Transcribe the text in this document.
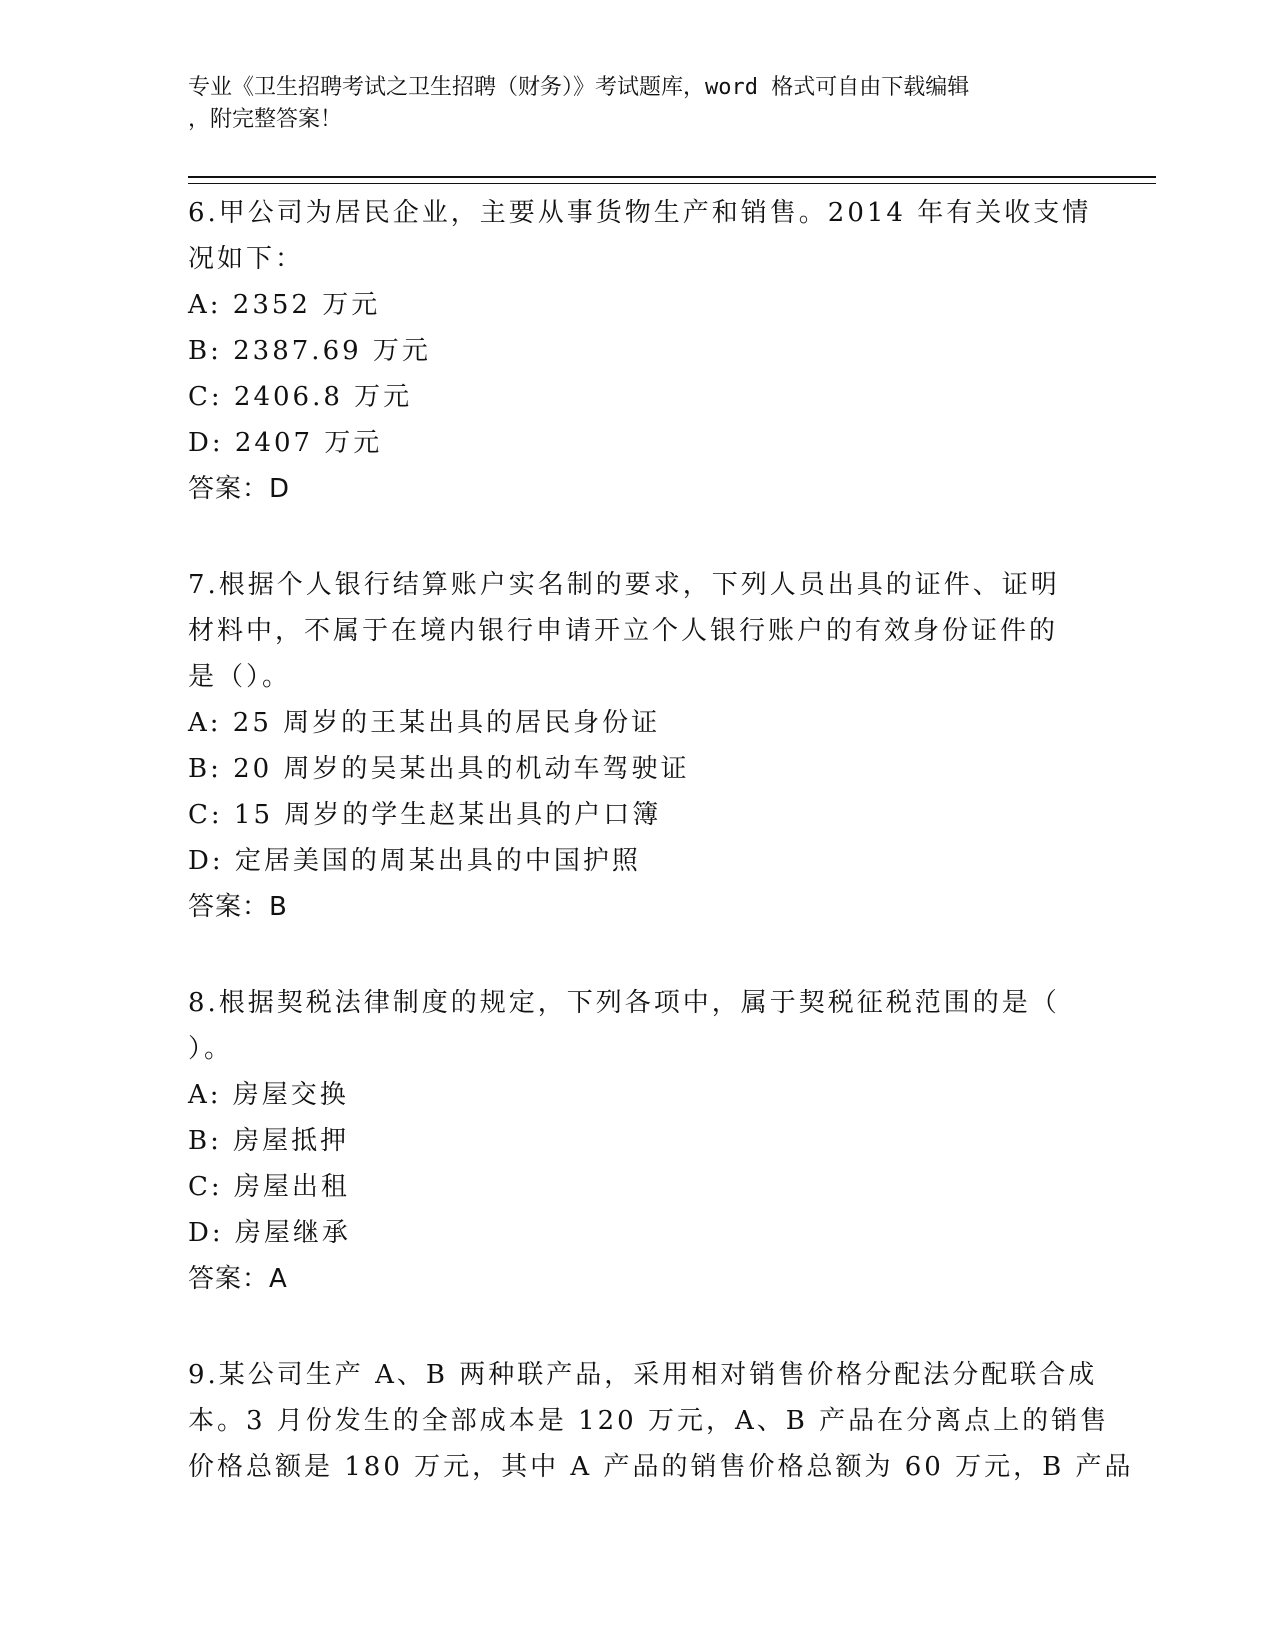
专业《卫生招聘考试之卫生招聘（财务）》考试题库，word 格式可自由下载编辑
，附完整答案！
6.甲公司为居民企业，主要从事货物生产和销售。2014 年有关收支情
况如下：
A: 2352 万元
B: 2387.69 万元
C: 2406.8 万元
D: 2407 万元
答案：D
7.根据个人银行结算账户实名制的要求，下列人员出具的证件、证明
材料中，不属于在境内银行申请开立个人银行账户的有效身份证件的
是（）。
A: 25 周岁的王某出具的居民身份证
B: 20 周岁的吴某出具的机动车驾驶证
C: 15 周岁的学生赵某出具的户口簿
D: 定居美国的周某出具的中国护照
答案：B
8.根据契税法律制度的规定，下列各项中，属于契税征税范围的是（
）。
A: 房屋交换
B: 房屋抵押
C: 房屋出租
D: 房屋继承
答案：A
9.某公司生产 A、B 两种联产品，采用相对销售价格分配法分配联合成
本。3 月份发生的全部成本是 120 万元，A、B 产品在分离点上的销售
价格总额是 180 万元，其中 A 产品的销售价格总额为 60 万元，B 产品
